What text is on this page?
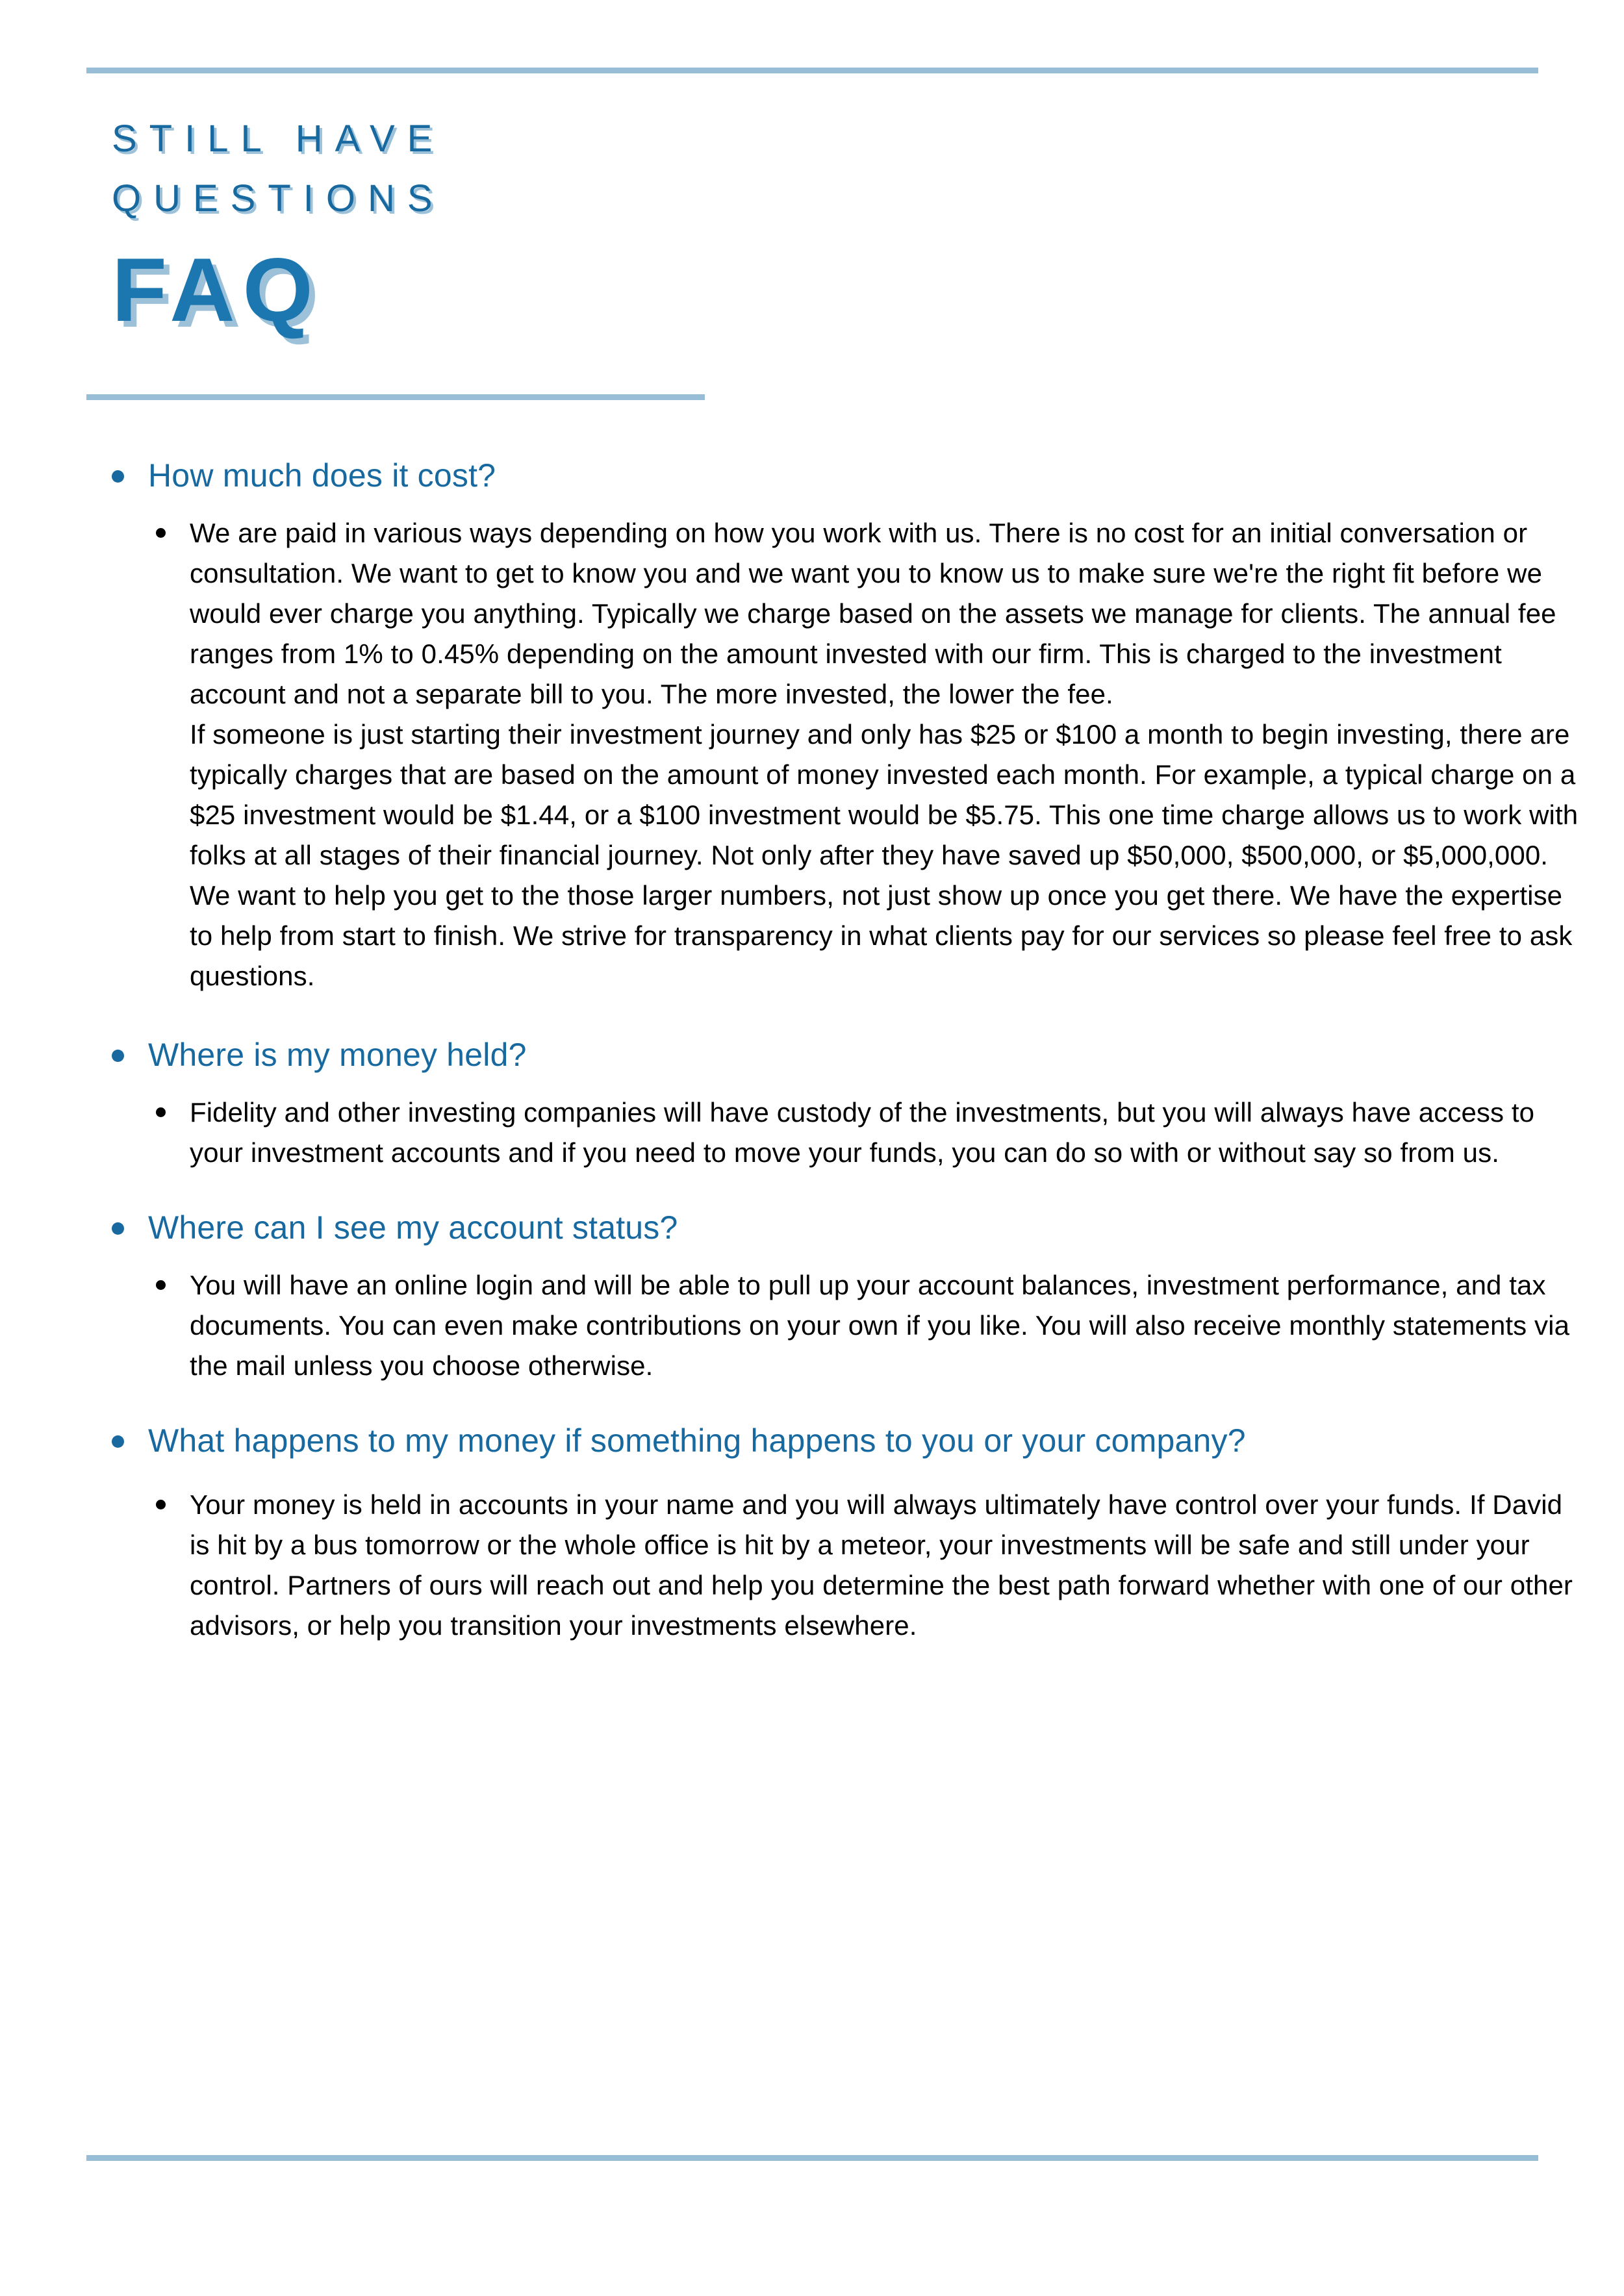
STILL HAVE
QUESTIONS
FAQ
How much does it cost?

We are paid in various ways depending on how you work with us. There is no cost for an initial conversation or consultation. We want to get to know you and we want you to know us to make sure we're the right fit before we would ever charge you anything. Typically we charge based on the assets we manage for clients. The annual fee ranges from 1% to 0.45% depending on the amount invested with our firm. This is charged to the investment account and not a separate bill to you. The more invested, the lower the fee.

If someone is just starting their investment journey and only has $25 or $100 a month to begin investing, there are typically charges that are based on the amount of money invested each month. For example, a typical charge on a $25 investment would be $1.44, or a $100 investment would be $5.75. This one time charge allows us to work with folks at all stages of their financial journey. Not only after they have saved up $50,000, $500,000, or $5,000,000. We want to help you get to the those larger numbers, not just show up once you get there. We have the expertise to help from start to finish. We strive for transparency in what clients pay for our services so please feel free to ask questions.

Where is my money held?

Fidelity and other investing companies will have custody of the investments, but you will always have access to your investment accounts and if you need to move your funds, you can do so with or without say so from us.

Where can I see my account status?

You will have an online login and will be able to pull up your account balances, investment performance, and tax documents. You can even make contributions on your own if you like. You will also receive monthly statements via the mail unless you choose otherwise.

What happens to my money if something happens to you or your company?

Your money is held in accounts in your name and you will always ultimately have control over your funds. If David is hit by a bus tomorrow or the whole office is hit by a meteor, your investments will be safe and still under your control. Partners of ours will reach out and help you determine the best path forward whether with one of our other advisors, or help you transition your investments elsewhere.
